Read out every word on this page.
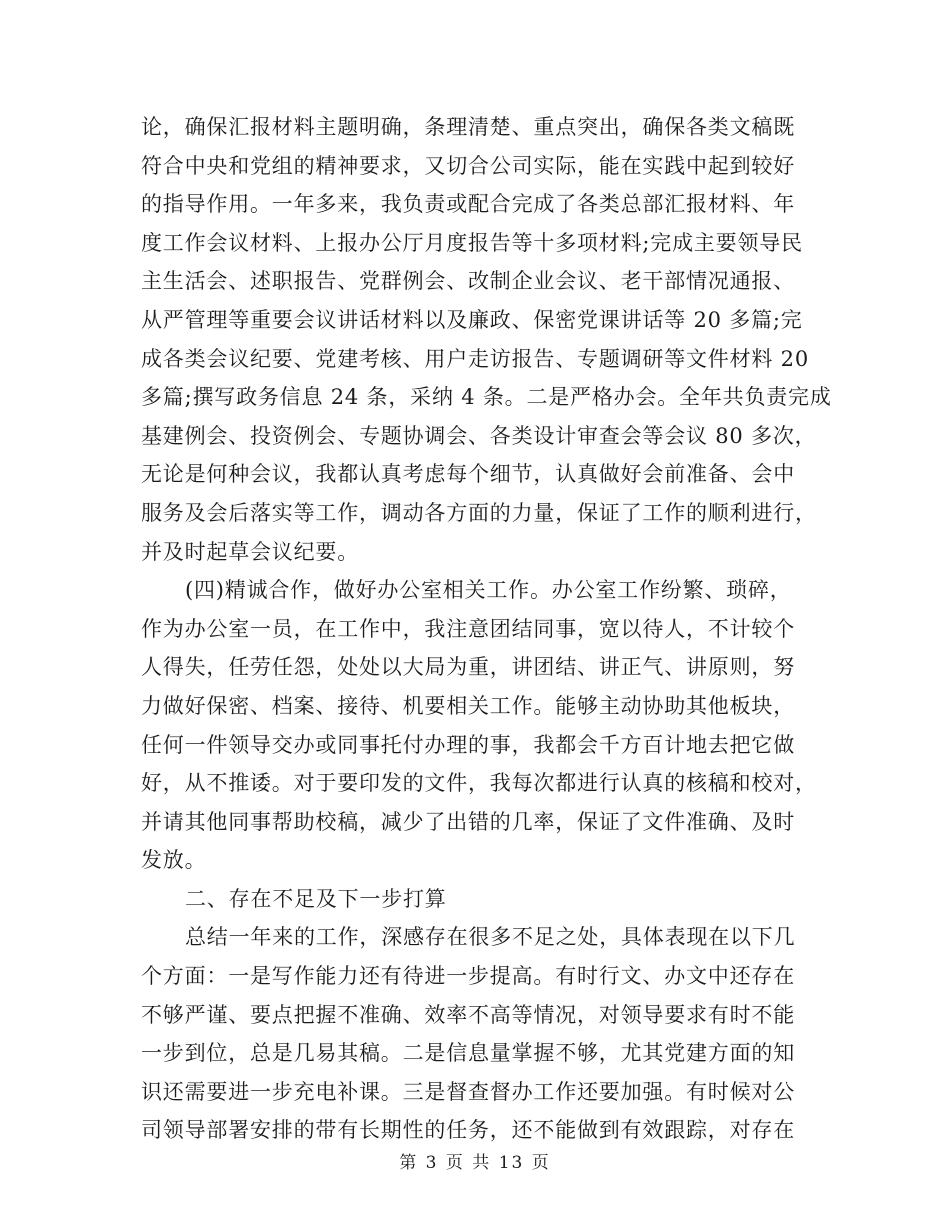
论，确保汇报材料主题明确，条理清楚、重点突出，确保各类文稿既
符合中央和党组的精神要求，又切合公司实际，能在实践中起到较好
的指导作用。一年多来，我负责或配合完成了各类总部汇报材料、年
度工作会议材料、上报办公厅月度报告等十多项材料;完成主要领导民
主生活会、述职报告、党群例会、改制企业会议、老干部情况通报、
从严管理等重要会议讲话材料以及廉政、保密党课讲话等 20 多篇;完
成各类会议纪要、党建考核、用户走访报告、专题调研等文件材料 20
多篇;撰写政务信息 24 条，采纳 4 条。二是严格办会。全年共负责完成
基建例会、投资例会、专题协调会、各类设计审查会等会议 80 多次，
无论是何种会议，我都认真考虑每个细节，认真做好会前准备、会中
服务及会后落实等工作，调动各方面的力量，保证了工作的顺利进行，
并及时起草会议纪要。
(四)精诚合作，做好办公室相关工作。办公室工作纷繁、琐碎，
作为办公室一员，在工作中，我注意团结同事，宽以待人，不计较个
人得失，任劳任怨，处处以大局为重，讲团结、讲正气、讲原则，努
力做好保密、档案、接待、机要相关工作。能够主动协助其他板块，
任何一件领导交办或同事托付办理的事，我都会千方百计地去把它做
好，从不推诿。对于要印发的文件，我每次都进行认真的核稿和校对，
并请其他同事帮助校稿，减少了出错的几率，保证了文件准确、及时
发放。
二、存在不足及下一步打算
总结一年来的工作，深感存在很多不足之处，具体表现在以下几
个方面：一是写作能力还有待进一步提高。有时行文、办文中还存在
不够严谨、要点把握不准确、效率不高等情况，对领导要求有时不能
一步到位，总是几易其稿。二是信息量掌握不够，尤其党建方面的知
识还需要进一步充电补课。三是督查督办工作还要加强。有时候对公
司领导部署安排的带有长期性的任务，还不能做到有效跟踪，对存在
第 3 页 共 13 页
